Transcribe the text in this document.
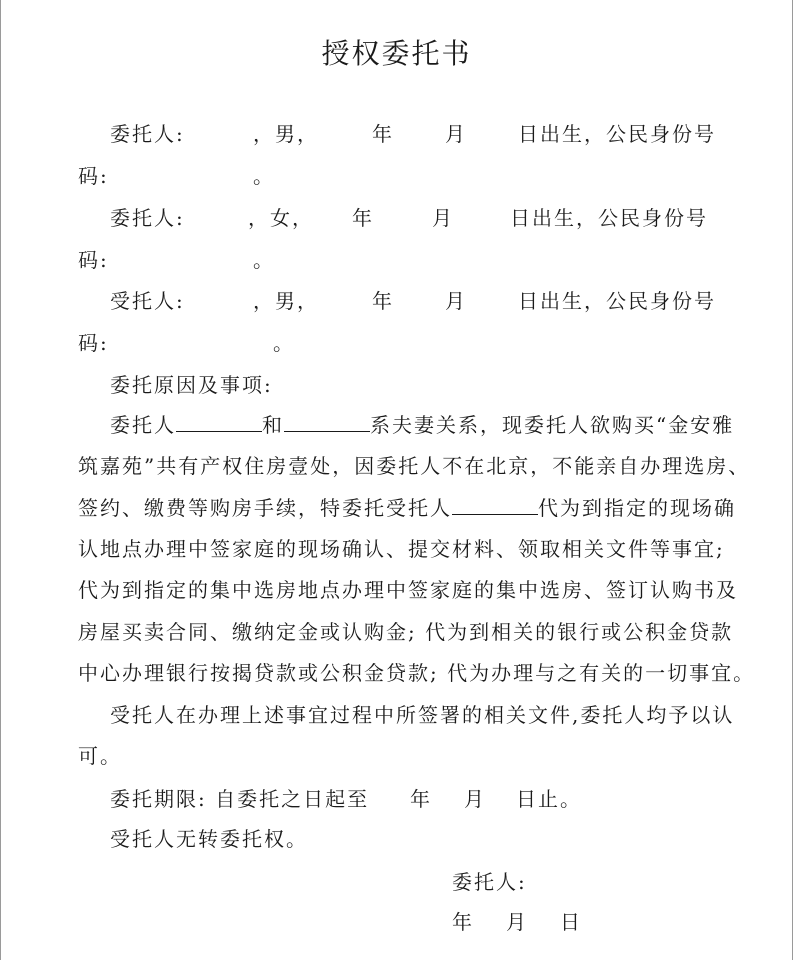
授权委托书
委托人:	，男，	年	月	日出生，公民身份号
码:	。
委托人:	，女， 年	月	日出生，公民身份号
码:	。
受托人:	，男，	年	月	日出生，公民身份号
码:	。
委托原因及事项:
委托人	和	系夫妻关系，现委托人欲购买“金安雅
筑嘉苑”共有产权住房壹处，因委托人不在北京，不能亲自办理选房、
签约、缴费等购房手续，特委托受托人	代为到指定的现场确
认地点办理中签家庭的现场确认、提交材料、领取相关文件等事宜;
代为到指定的集中选房地点办理中签家庭的集中选房、签订认购书及
房屋买卖合同、缴纳定金或认购金; 代为到相关的银行或公积金贷款
中心办理银行按揭贷款或公积金贷款; 代为办理与之有关的一切事宜。
受托人在办理上述事宜过程中所签署的相关文件,委托人均予以认
可。
委托期限: 自委托之日起至 年 月 日止。
受托人无转委托权。
委托人:
年 月 日
